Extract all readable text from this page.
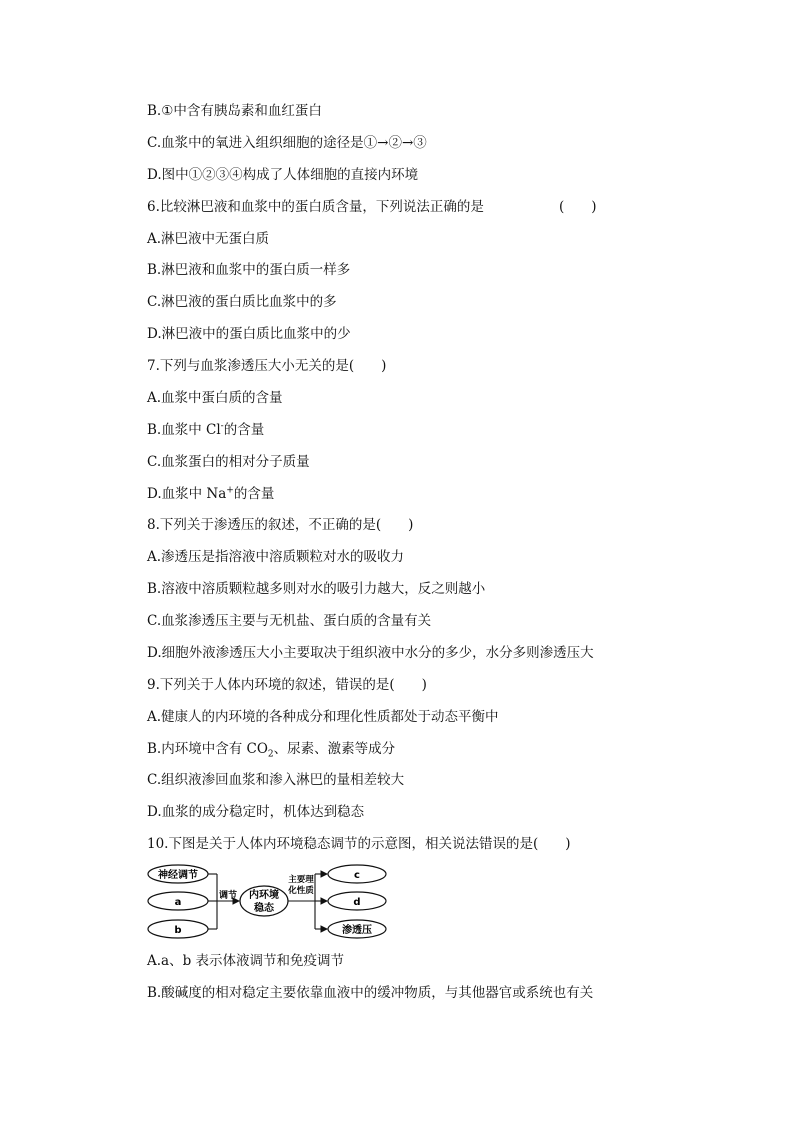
B.①中含有胰岛素和血红蛋白
C.血浆中的氧进入组织细胞的途径是①→②→③
D.图中①②③④构成了人体细胞的直接内环境
6.比较淋巴液和血浆中的蛋白质含量，下列说法正确的是	(　　)
A.淋巴液中无蛋白质
B.淋巴液和血浆中的蛋白质一样多
C.淋巴液的蛋白质比血浆中的多
D.淋巴液中的蛋白质比血浆中的少
7.下列与血浆渗透压大小无关的是(　　)
A.血浆中蛋白质的含量
B.血浆中 Cl-的含量
C.血浆蛋白的相对分子质量
D.血浆中 Na+的含量
8.下列关于渗透压的叙述，不正确的是(　　)
A.渗透压是指溶液中溶质颗粒对水的吸收力
B.溶液中溶质颗粒越多则对水的吸引力越大，反之则越小
C.血浆渗透压主要与无机盐、蛋白质的含量有关
D.细胞外液渗透压大小主要取决于组织液中水分的多少，水分多则渗透压大
9.下列关于人体内环境的叙述，错误的是(　　)
A.健康人的内环境的各种成分和理化性质都处于动态平衡中
B.内环境中含有 $CO_2$、尿素、激素等成分
C.组织液渗回血浆和渗入淋巴的量相差较大
D.血浆的成分稳定时，机体达到稳态
10.下图是关于人体内环境稳态调节的示意图，相关说法错误的是(　　)
神经调节
a
b
调节 内环境
稳态
主要理
化性质
c
d
渗透压
A.a、b 表示体液调节和免疫调节
B.酸碱度的相对稳定主要依靠血液中的缓冲物质，与其他器官或系统也有关
